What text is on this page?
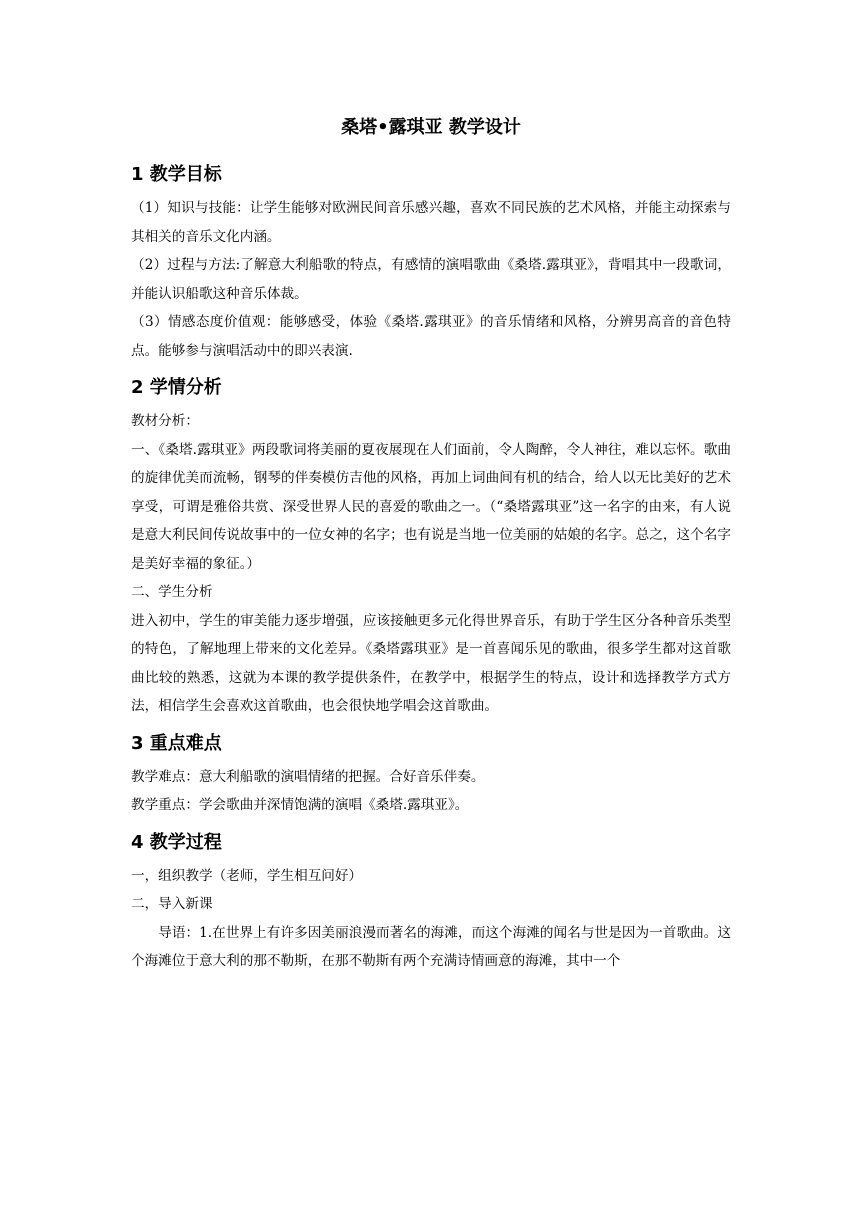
桑塔•露琪亚 教学设计
1 教学目标

（1）知识与技能：让学生能够对欧洲民间音乐感兴趣，喜欢不同民族的艺术风格，并能主动探索与其相关的音乐文化内涵。

（2）过程与方法:了解意大利船歌的特点，有感情的演唱歌曲《桑塔.露琪亚》，背唱其中一段歌词，并能认识船歌这种音乐体裁。

（3）情感态度价值观：能够感受，体验《桑塔.露琪亚》的音乐情绪和风格，分辨男高音的音色特点。能够参与演唱活动中的即兴表演.

2 学情分析

教材分析：

一、《桑塔.露琪亚》两段歌词将美丽的夏夜展现在人们面前，令人陶醉，令人神往，难以忘怀。歌曲的旋律优美而流畅，钢琴的伴奏模仿吉他的风格，再加上词曲间有机的结合，给人以无比美好的艺术享受，可谓是雅俗共赏、深受世界人民的喜爱的歌曲之一。（“桑塔露琪亚”这一名字的由来，有人说是意大利民间传说故事中的一位女神的名字；也有说是当地一位美丽的姑娘的名字。总之，这个名字是美好幸福的象征。）

二、学生分析

进入初中，学生的审美能力逐步增强，应该接触更多元化得世界音乐，有助于学生区分各种音乐类型的特色，了解地理上带来的文化差异。《桑塔露琪亚》是一首喜闻乐见的歌曲，很多学生都对这首歌曲比较的熟悉，这就为本课的教学提供条件，在教学中，根据学生的特点，设计和选择教学方式方法，相信学生会喜欢这首歌曲，也会很快地学唱会这首歌曲。

3 重点难点

教学难点：意大利船歌的演唱情绪的把握。合好音乐伴奏。

教学重点：学会歌曲并深情饱满的演唱《桑塔.露琪亚》。

4 教学过程

一，组织教学（老师，学生相互问好）

二，导入新课

导语：1.在世界上有许多因美丽浪漫而著名的海滩，而这个海滩的闻名与世是因为一首歌曲。这个海滩位于意大利的那不勒斯，在那不勒斯有两个充满诗情画意的海滩，其中一个
